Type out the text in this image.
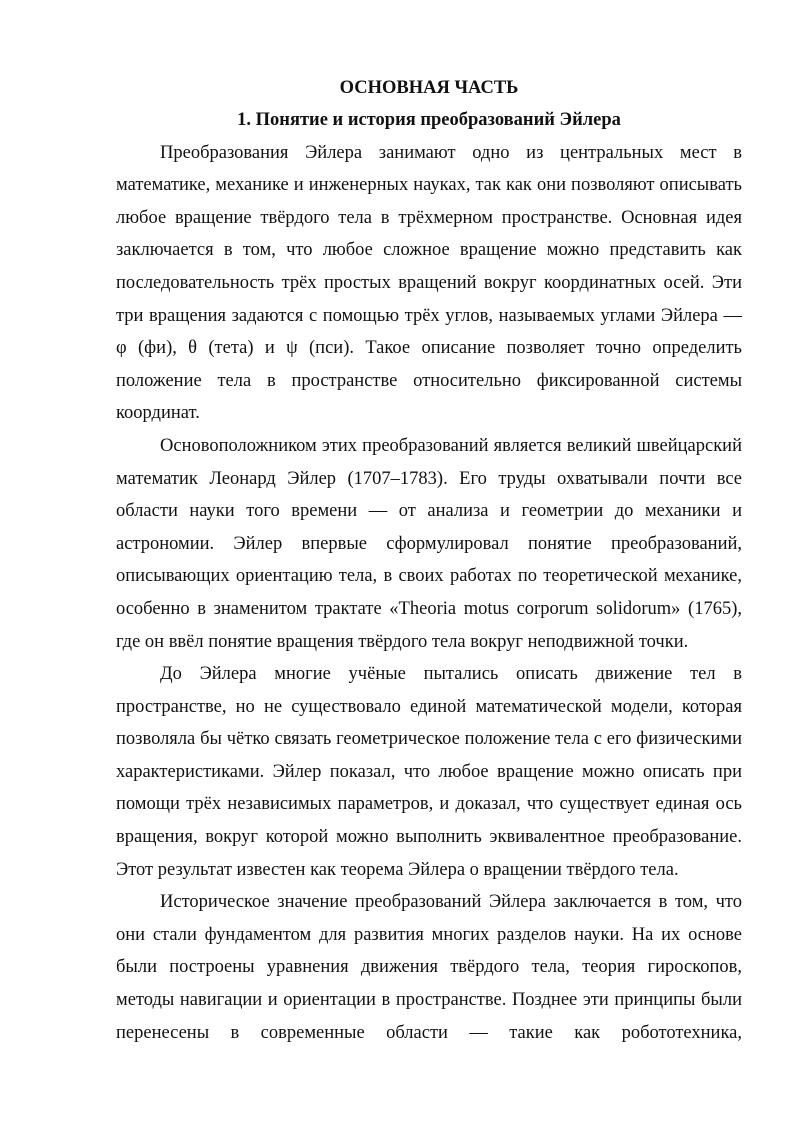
ОСНОВНАЯ ЧАСТЬ
1. Понятие и история преобразований Эйлера

Преобразования Эйлера занимают одно из центральных мест в математике, механике и инженерных науках, так как они позволяют описывать любое вращение твёрдого тела в трёхмерном пространстве. Основная идея заключается в том, что любое сложное вращение можно представить как последовательность трёх простых вращений вокруг координатных осей. Эти три вращения задаются с помощью трёх углов, называемых углами Эйлера — φ (фи), θ (тета) и ψ (пси). Такое описание позволяет точно определить положение тела в пространстве относительно фиксированной системы координат.

Основоположником этих преобразований является великий швейцарский математик Леонард Эйлер (1707–1783). Его труды охватывали почти все области науки того времени — от анализа и геометрии до механики и астрономии. Эйлер впервые сформулировал понятие преобразований, описывающих ориентацию тела, в своих работах по теоретической механике, особенно в знаменитом трактате «Theoria motus corporum solidorum» (1765), где он ввёл понятие вращения твёрдого тела вокруг неподвижной точки.

До Эйлера многие учёные пытались описать движение тел в пространстве, но не существовало единой математической модели, которая позволяла бы чётко связать геометрическое положение тела с его физическими характеристиками. Эйлер показал, что любое вращение можно описать при помощи трёх независимых параметров, и доказал, что существует единая ось вращения, вокруг которой можно выполнить эквивалентное преобразование. Этот результат известен как теорема Эйлера о вращении твёрдого тела.

Историческое значение преобразований Эйлера заключается в том, что они стали фундаментом для развития многих разделов науки. На их основе были построены уравнения движения твёрдого тела, теория гироскопов, методы навигации и ориентации в пространстве. Позднее эти принципы были перенесены в современные области — такие как робототехника,
